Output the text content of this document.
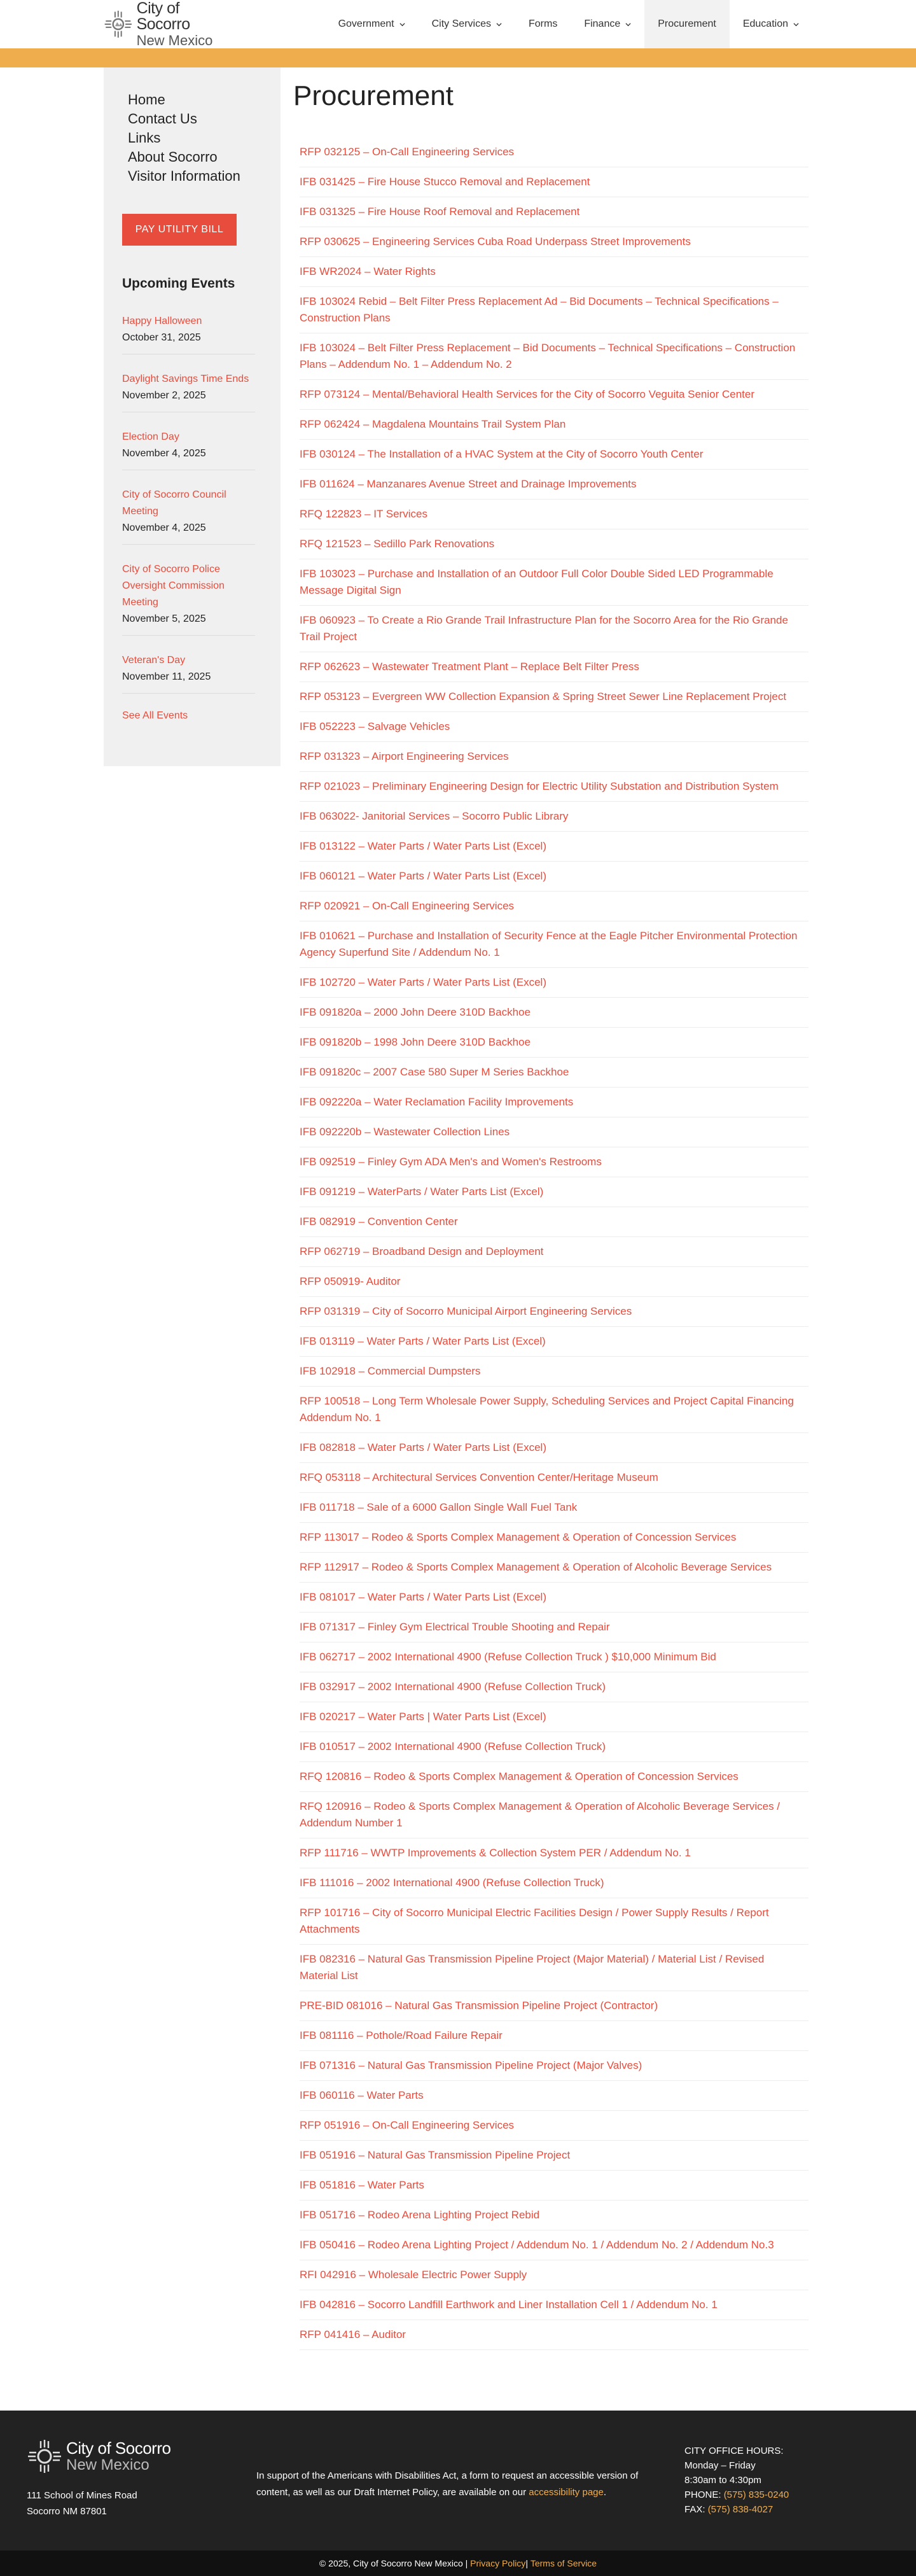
City of Socorro
New Mexico
Government	City Services	Forms	Finance	Procurement	Education
Home
Contact Us
Links
About Socorro
Visitor Information
PAY UTILITY BILL
Upcoming Events
Happy Halloween
October 31, 2025
Daylight Savings Time Ends
November 2, 2025
Election Day
November 4, 2025
City of Socorro Council Meeting
November 4, 2025
City of Socorro Police Oversight Commission Meeting
November 5, 2025
Veteran's Day
November 11, 2025
See All Events
Procurement
RFP 032125 – On-Call Engineering Services
IFB 031425 – Fire House Stucco Removal and Replacement
IFB 031325 – Fire House Roof Removal and Replacement
RFP 030625 – Engineering Services Cuba Road Underpass Street Improvements
IFB WR2024 – Water Rights
IFB 103024 Rebid – Belt Filter Press Replacement Ad – Bid Documents – Technical Specifications – Construction Plans
IFB 103024 – Belt Filter Press Replacement – Bid Documents – Technical Specifications – Construction Plans – Addendum No. 1 – Addendum No. 2
RFP 073124 – Mental/Behavioral Health Services for the City of Socorro Veguita Senior Center
RFP 062424 – Magdalena Mountains Trail System Plan
IFB 030124 – The Installation of a HVAC System at the City of Socorro Youth Center
IFB 011624 – Manzanares Avenue Street and Drainage Improvements
RFQ 122823 – IT Services
RFQ 121523 – Sedillo Park Renovations
IFB 103023 – Purchase and Installation of an Outdoor Full Color Double Sided LED Programmable Message Digital Sign
IFB 060923 – To Create a Rio Grande Trail Infrastructure Plan for the Socorro Area for the Rio Grande Trail Project
RFP 062623 – Wastewater Treatment Plant – Replace Belt Filter Press
RFP 053123 – Evergreen WW Collection Expansion & Spring Street Sewer Line Replacement Project
IFB 052223 – Salvage Vehicles
RFP 031323 – Airport Engineering Services
RFP 021023 – Preliminary Engineering Design for Electric Utility Substation and Distribution System
IFB 063022- Janitorial Services – Socorro Public Library
IFB 013122 – Water Parts / Water Parts List (Excel)
IFB 060121 – Water Parts / Water Parts List (Excel)
RFP 020921 – On-Call Engineering Services
IFB 010621 – Purchase and Installation of Security Fence at the Eagle Pitcher Environmental Protection Agency Superfund Site / Addendum No. 1
IFB 102720 – Water Parts / Water Parts List (Excel)
IFB 091820a – 2000 John Deere 310D Backhoe
IFB 091820b – 1998 John Deere 310D Backhoe
IFB 091820c – 2007 Case 580 Super M Series Backhoe
IFB 092220a – Water Reclamation Facility Improvements
IFB 092220b – Wastewater Collection Lines
IFB 092519 – Finley Gym ADA Men's and Women's Restrooms
IFB 091219 – WaterParts / Water Parts List (Excel)
IFB 082919 – Convention Center
RFP 062719 – Broadband Design and Deployment
RFP 050919- Auditor
RFP 031319 – City of Socorro Municipal Airport Engineering Services
IFB 013119 – Water Parts / Water Parts List (Excel)
IFB 102918 – Commercial Dumpsters
RFP 100518 – Long Term Wholesale Power Supply, Scheduling Services and Project Capital Financing Addendum No. 1
IFB 082818 – Water Parts / Water Parts List (Excel)
RFQ 053118 – Architectural Services Convention Center/Heritage Museum
IFB 011718 – Sale of a 6000 Gallon Single Wall Fuel Tank
RFP 113017 – Rodeo & Sports Complex Management & Operation of Concession Services
RFP 112917 – Rodeo & Sports Complex Management & Operation of Alcoholic Beverage Services
IFB 081017 – Water Parts / Water Parts List (Excel)
IFB 071317 – Finley Gym Electrical Trouble Shooting and Repair
IFB 062717 – 2002 International 4900 (Refuse Collection Truck ) $10,000 Minimum Bid
IFB 032917 – 2002 International 4900 (Refuse Collection Truck)
IFB 020217 – Water Parts | Water Parts List (Excel)
IFB 010517 – 2002 International 4900 (Refuse Collection Truck)
RFQ 120816 – Rodeo & Sports Complex Management & Operation of Concession Services
RFQ 120916 – Rodeo & Sports Complex Management & Operation of Alcoholic Beverage Services / Addendum Number 1
RFP 111716 – WWTP Improvements & Collection System PER / Addendum No. 1
IFB 111016 – 2002 International 4900 (Refuse Collection Truck)
RFP 101716 – City of Socorro Municipal Electric Facilities Design / Power Supply Results / Report Attachments
IFB 082316 – Natural Gas Transmission Pipeline Project (Major Material) / Material List / Revised Material List
PRE-BID 081016 – Natural Gas Transmission Pipeline Project (Contractor)
IFB 081116 – Pothole/Road Failure Repair
IFB 071316 – Natural Gas Transmission Pipeline Project (Major Valves)
IFB 060116 – Water Parts
RFP 051916 – On-Call Engineering Services
IFB 051916 – Natural Gas Transmission Pipeline Project
IFB 051816 – Water Parts
IFB 051716 – Rodeo Arena Lighting Project Rebid
IFB 050416 – Rodeo Arena Lighting Project / Addendum No. 1 / Addendum No. 2 / Addendum No.3
RFI 042916 – Wholesale Electric Power Supply
IFB 042816 – Socorro Landfill Earthwork and Liner Installation Cell 1 / Addendum No. 1
RFP 041416 – Auditor
City of Socorro
New Mexico
111 School of Mines Road
Socorro NM 87801
In support of the Americans with Disabilities Act, a form to request an accessible version of content, as well as our Draft Internet Policy, are available on our accessibility page.
CITY OFFICE HOURS:
Monday – Friday
8:30am to 4:30pm
PHONE: (575) 835-0240
FAX: (575) 838-4027
© 2025, City of Socorro New Mexico |
Privacy Policy |
Terms of Service
